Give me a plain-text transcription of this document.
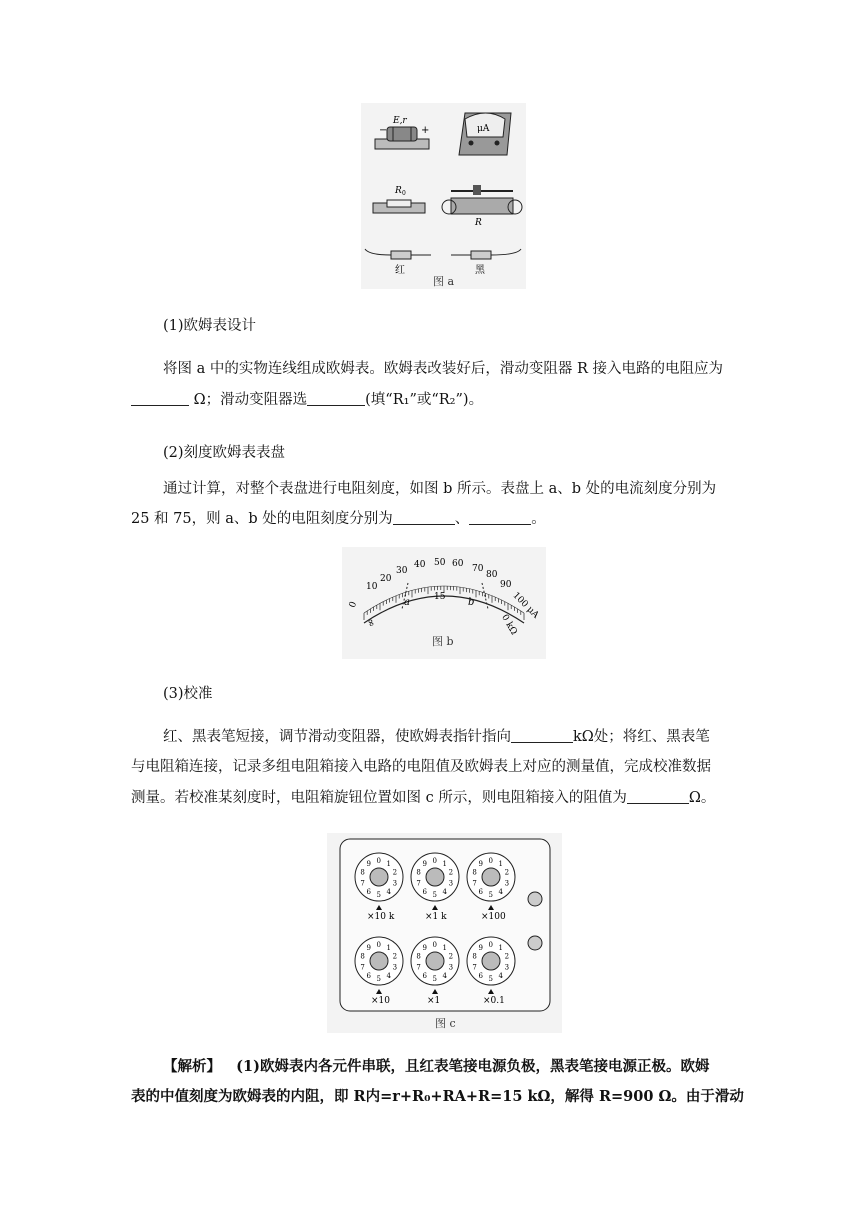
−	+
E,r
μA
R 0
R
红	黑
图 a
(1)欧姆表设计
将图 a 中的实物连线组成欧姆表。欧姆表改装好后，滑动变阻器 R 接入电路的电阻应为
Ω；滑动变阻器选	(填“R₁”或“R₂”)。
(2)刻度欧姆表表盘
通过计算，对整个表盘进行电阻刻度，如图 b 所示。表盘上 a、b 处的电流刻度分别为
25 和 75，则 a、b 处的电阻刻度分别为	、	。
0
10
20
30
40 50 60 70
80
90
100 μA
a	b
15
∞	0 kΩ
图 b
(3)校准
红、黑表笔短接，调节滑动变阻器，使欧姆表指针指向	kΩ处；将红、黑表笔
与电阻箱连接，记录多组电阻箱接入电路的电阻值及欧姆表上对应的测量值，完成校准数据
测量。若校准某刻度时，电阻箱旋钮位置如图 c 所示，则电阻箱接入的阻值为	Ω。
0 1
2
3
4
5
6
7
8
9	0 1
2
3
4
5
6
7
8
9	0 1
2
3
4
5
6
7
8
9
0 1
2
3
4
5
6
7
8
9	0 1
2
3
4
5
6
7
8
9	0 1
2
3
4
5
6
7
8
9
×10 k	×1 k	×100
×10	×1	×0.1
图 c
【解析】 (1)欧姆表内各元件串联，且红表笔接电源负极，黑表笔接电源正极。欧姆
表的中值刻度为欧姆表的内阻，即 R内=r+R₀+RA+R=15 kΩ，解得 R=900 Ω。由于滑动
